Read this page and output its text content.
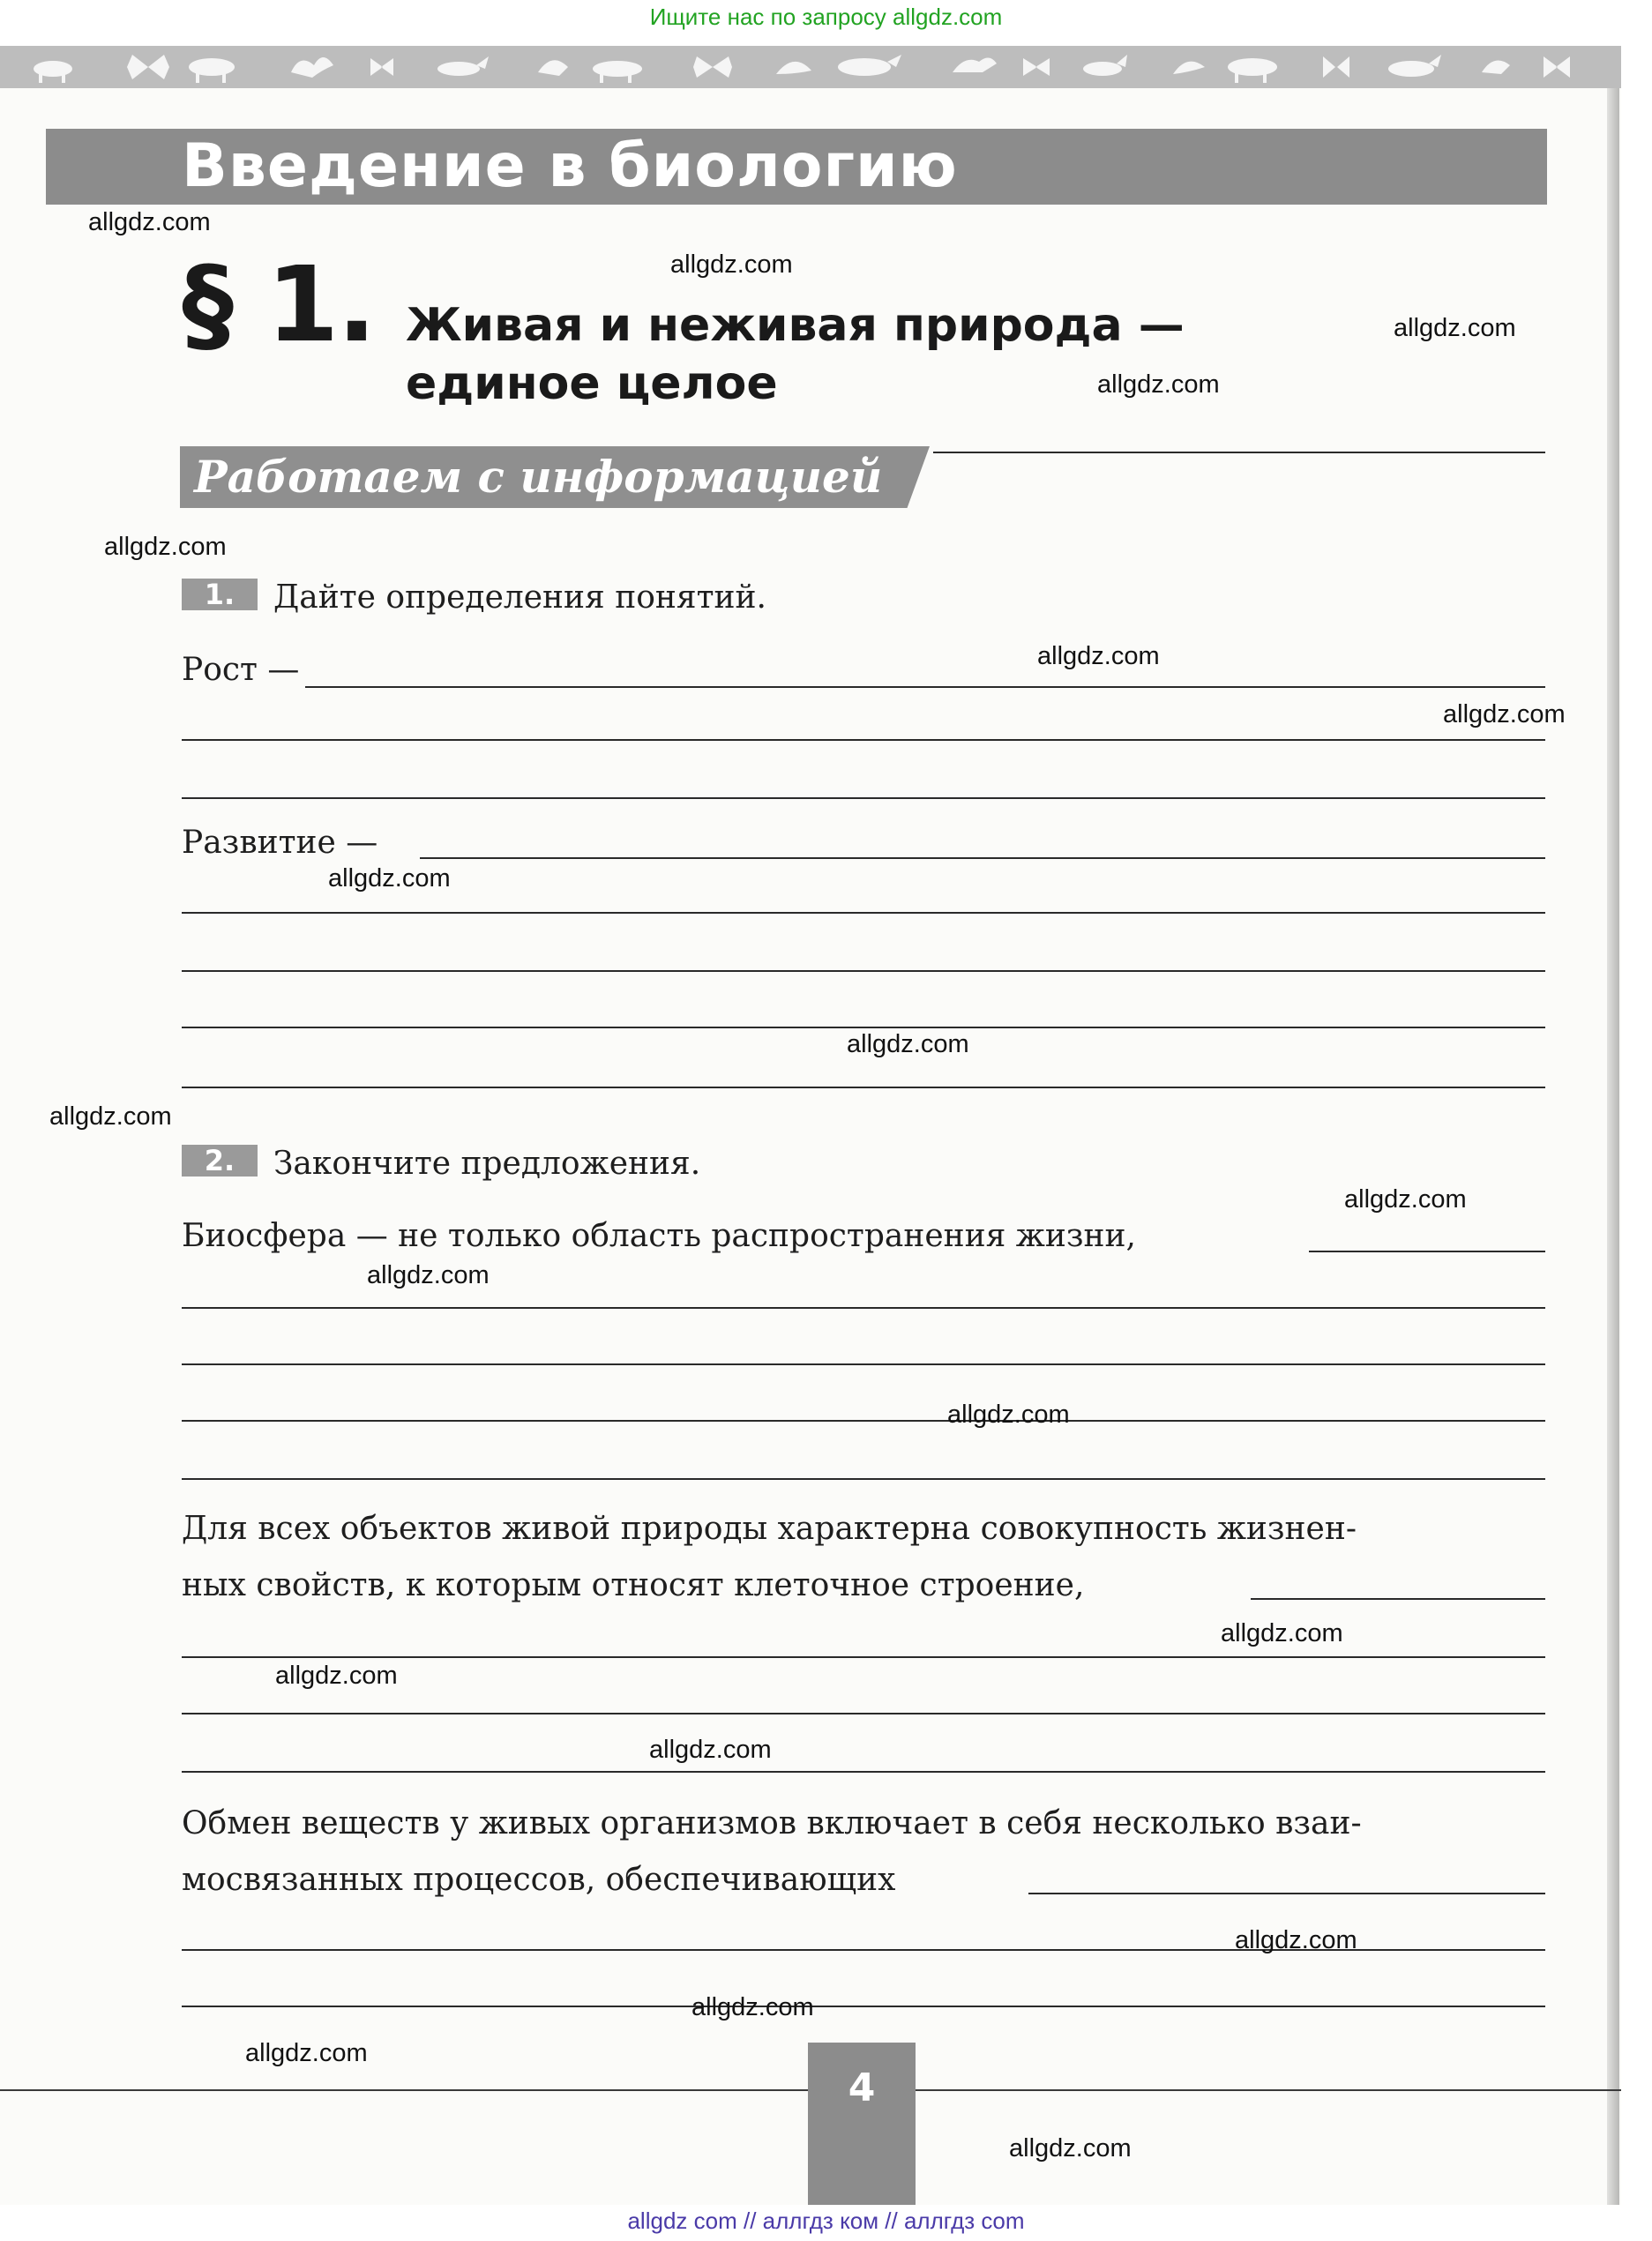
Ищите нас по запросу allgdz.com
Введение в биологию
§ 1. Живая и неживая природа —
единое целое
Работаем с информацией
1. Дайте определения понятий.
Рост —
Развитие —
2. Закончите предложения.
Биосфера — не только область распространения жизни,
Для всех объектов живой природы характерна совокупность жизнен-
ных свойств, к которым относят клеточное строение,
Обмен веществ у живых организмов включает в себя несколько взаи-
мосвязанных процессов, обеспечивающих
allgdz.com
allgdz.com
allgdz.com
allgdz.com
allgdz.com
allgdz.com
allgdz.com
allgdz.com
allgdz.com
allgdz.com
allgdz.com
allgdz.com
allgdz.com
allgdz.com
allgdz.com
allgdz.com
allgdz.com
allgdz.com
allgdz.com
allgdz.com
4
allgdz com // аллгдз ком // аллгдз com
